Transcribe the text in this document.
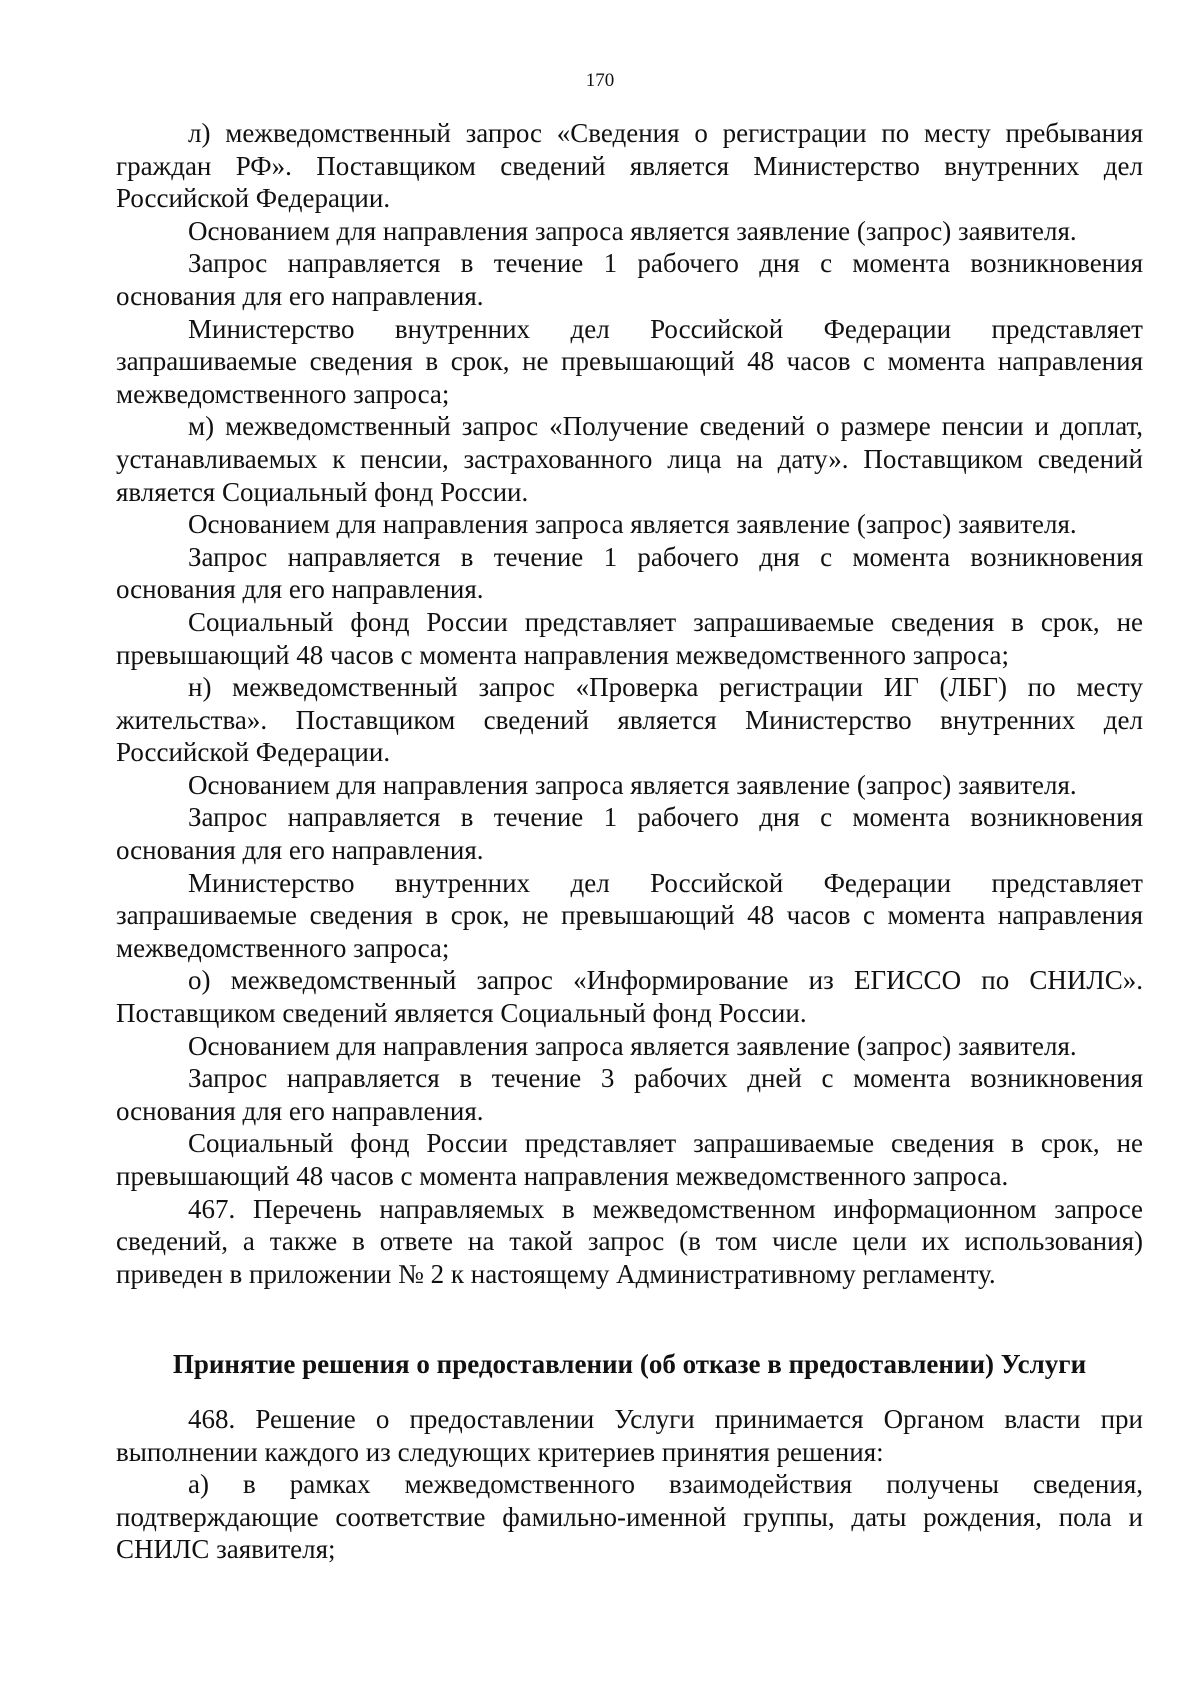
170

л) межведомственный запрос «Сведения о регистрации по месту пребывания граждан РФ». Поставщиком сведений является Министерство внутренних дел Российской Федерации.

Основанием для направления запроса является заявление (запрос) заявителя.

Запрос направляется в течение 1 рабочего дня с момента возникновения основания для его направления.

Министерство внутренних дел Российской Федерации представляет запрашиваемые сведения в срок, не превышающий 48 часов с момента направления межведомственного запроса;

м) межведомственный запрос «Получение сведений о размере пенсии и доплат, устанавливаемых к пенсии, застрахованного лица на дату». Поставщиком сведений является Социальный фонд России.

Основанием для направления запроса является заявление (запрос) заявителя.

Запрос направляется в течение 1 рабочего дня с момента возникновения основания для его направления.

Социальный фонд России представляет запрашиваемые сведения в срок, не превышающий 48 часов с момента направления межведомственного запроса;

н) межведомственный запрос «Проверка регистрации ИГ (ЛБГ) по месту жительства». Поставщиком сведений является Министерство внутренних дел Российской Федерации.

Основанием для направления запроса является заявление (запрос) заявителя.

Запрос направляется в течение 1 рабочего дня с момента возникновения основания для его направления.

Министерство внутренних дел Российской Федерации представляет запрашиваемые сведения в срок, не превышающий 48 часов с момента направления межведомственного запроса;

о) межведомственный запрос «Информирование из ЕГИССО по СНИЛС». Поставщиком сведений является Социальный фонд России.

Основанием для направления запроса является заявление (запрос) заявителя.

Запрос направляется в течение 3 рабочих дней с момента возникновения основания для его направления.

Социальный фонд России представляет запрашиваемые сведения в срок, не превышающий 48 часов с момента направления межведомственного запроса.

467. Перечень направляемых в межведомственном информационном запросе сведений, а также в ответе на такой запрос (в том числе цели их использования) приведен в приложении № 2 к настоящему Административному регламенту.

Принятие решения о предоставлении (об отказе в предоставлении) Услуги

468. Решение о предоставлении Услуги принимается Органом власти при выполнении каждого из следующих критериев принятия решения:

а) в рамках межведомственного взаимодействия получены сведения, подтверждающие соответствие фамильно-именной группы, даты рождения, пола и СНИЛС заявителя;
